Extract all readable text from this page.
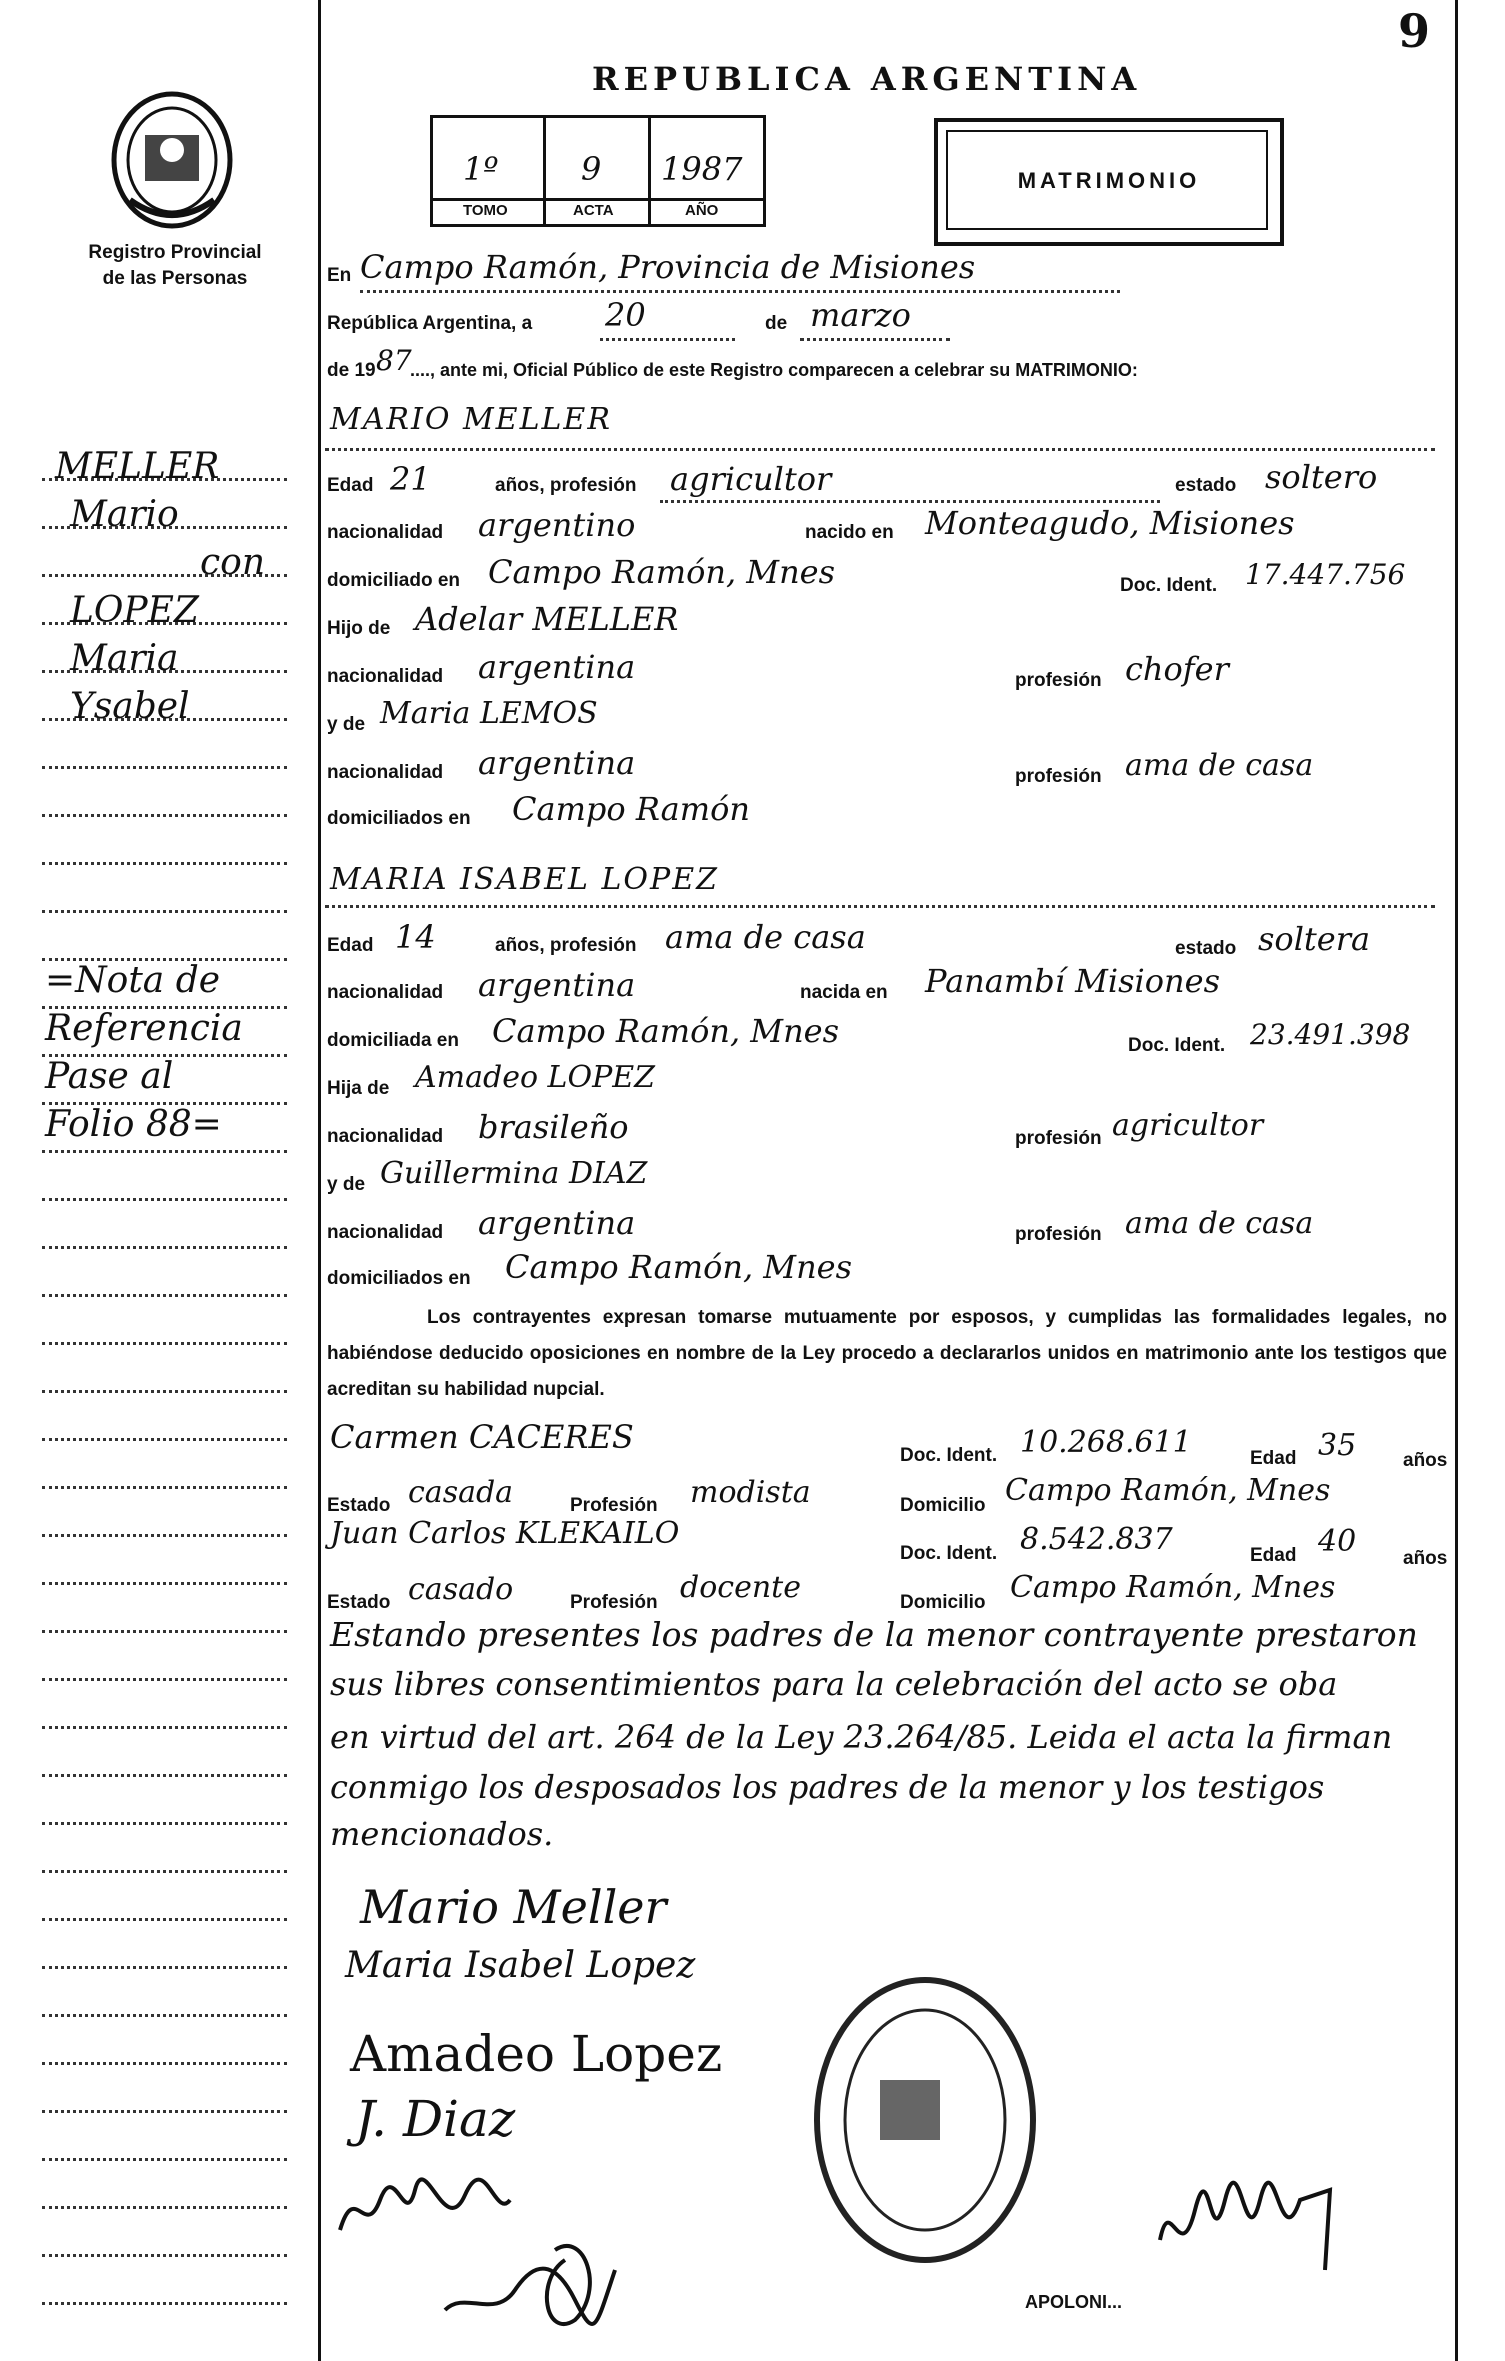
9
Registro Provincial
de las Personas
REPUBLICA ARGENTINA
1º	9 1987
TOMO	ACTA	AÑO
MATRIMONIO
En Campo Ramón, Provincia de Misiones
República Argentina, a 20	de marzo
de 19 87
...., ante mi, Oficial Público de este Registro comparecen a celebrar su MATRIMONIO:
MARIO MELLER
Edad 21	años, profesión agricultor	estado soltero
nacionalidad argentino	nacido en Monteagudo, Misiones
domiciliado en Campo Ramón, Mnes	Doc. Ident. 17.447.756
Hijo de Adelar MELLER
nacionalidad argentina	profesión chofer
y de Maria LEMOS
nacionalidad argentina	profesión ama de casa
domiciliados en Campo Ramón
MARIA ISABEL LOPEZ
Edad 14	años, profesión ama de casa	estado soltera
nacionalidad argentina	nacida en Panambí Misiones
domiciliada en Campo Ramón, Mnes	Doc. Ident. 23.491.398
Hija de Amadeo LOPEZ
nacionalidad brasileño	profesión agricultor
y de Guillermina DIAZ
nacionalidad argentina	profesión ama de casa
domiciliados en Campo Ramón, Mnes
Los contrayentes expresan tomarse mutuamente por esposos, y cumplidas las formalidades legales, no habiéndose deducido oposiciones en nombre de la Ley procedo a declararlos unidos en matrimonio ante los testigos que acreditan su habilidad nupcial.
Carmen CACERES	Doc. Ident. 10.268.611	Edad 35 años
Estado casada	Profesión modista	Domicilio Campo Ramón, Mnes
Juan Carlos KLEKAILO
Doc. Ident. 8.542.837	Edad 40 años
Estado casado	Profesión docente	Domicilio Campo Ramón, Mnes
Estando presentes los padres de la menor contrayente prestaron
sus libres consentimientos para la celebración del acto se oba
en virtud del art. 264 de la Ley 23.264/85. Leida el acta la firman
conmigo los desposados los padres de la menor y los testigos
mencionados.
MELLER
Mario
con
LOPEZ
Maria
Ysabel
=Nota de
Referencia
Pase al
Folio 88=
Mario Meller
Maria Isabel Lopez
Amadeo Lopez
J. Diaz
APOLONI...
